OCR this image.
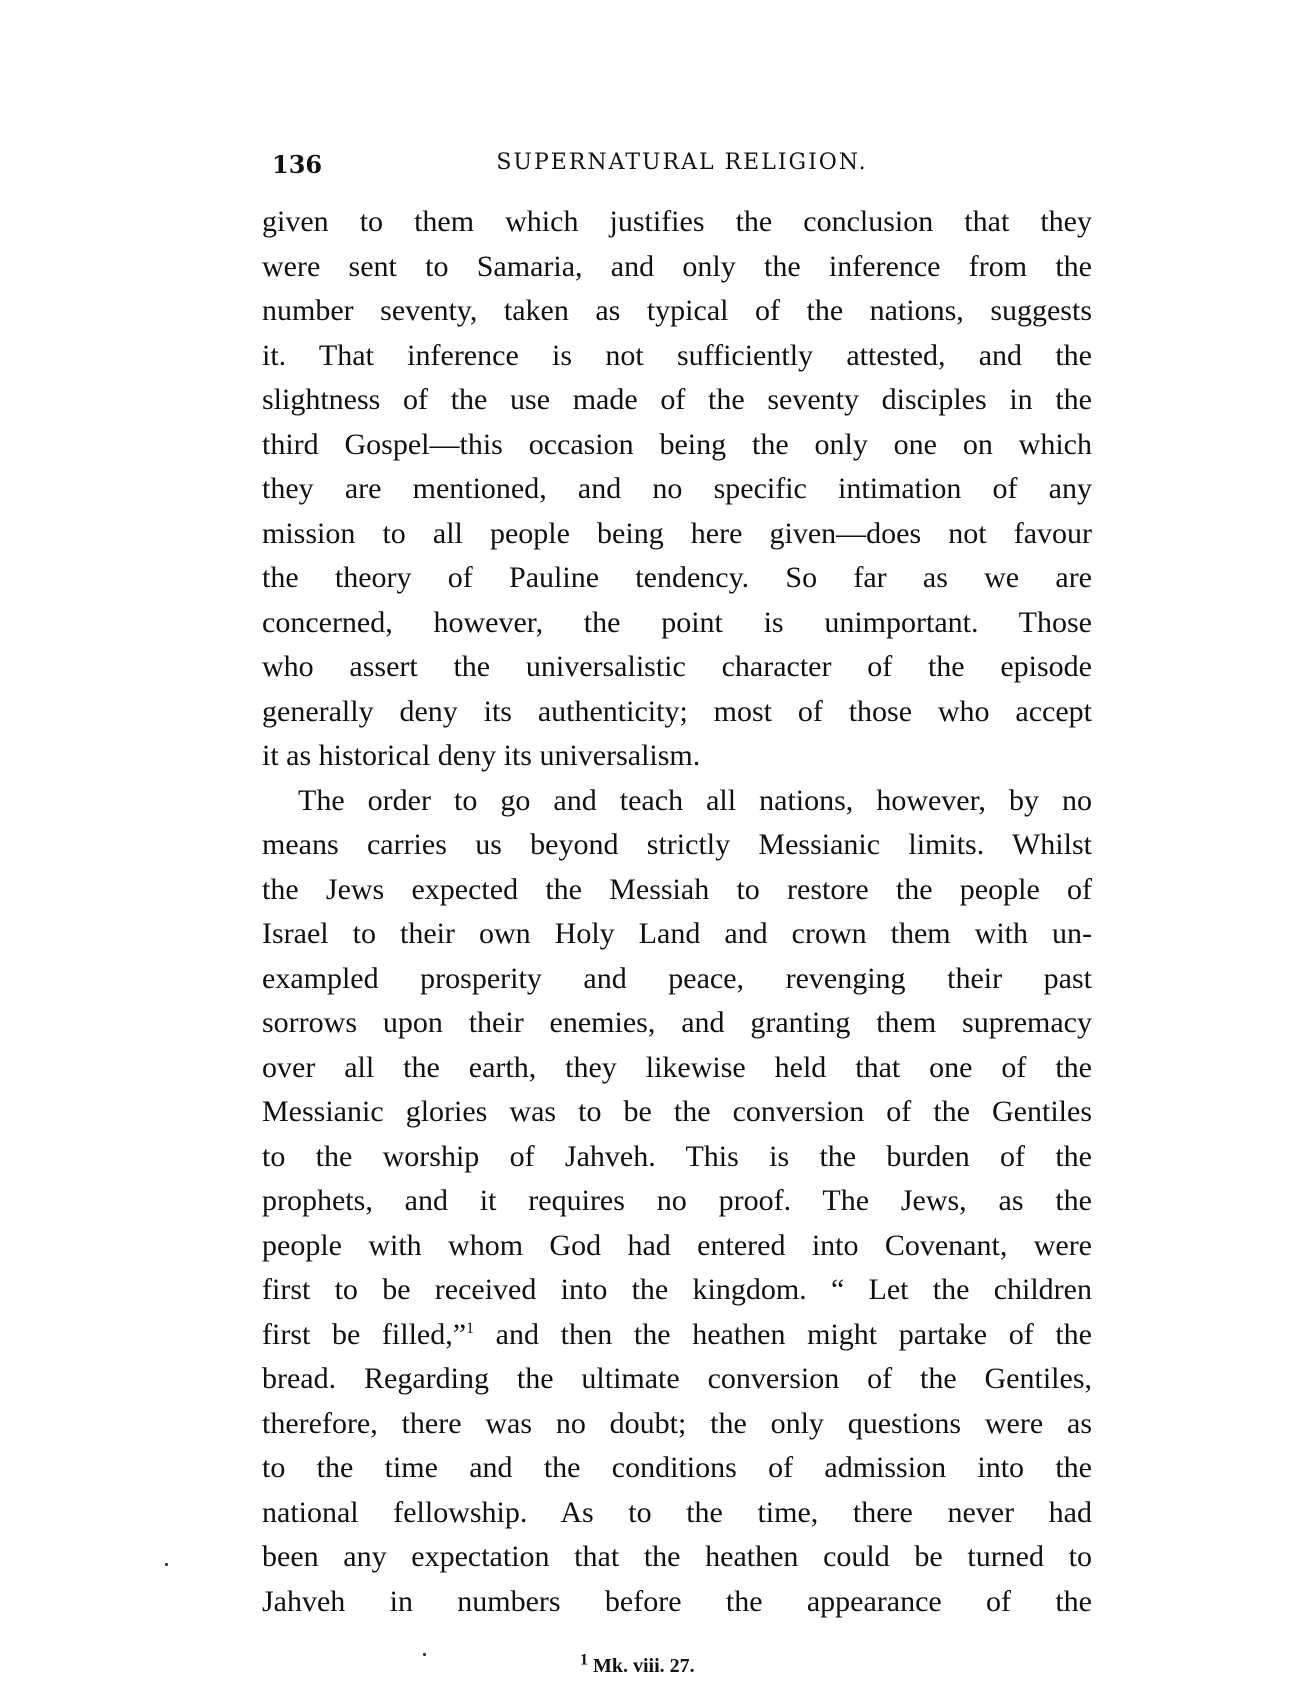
136	SUPERNATURAL RELIGION.
given to them which justifies the conclusion that they
were sent to Samaria, and only the inference from the
number seventy, taken as typical of the nations, suggests
it. That inference is not sufficiently attested, and the
slightness of the use made of the seventy disciples in the
third Gospel—this occasion being the only one on which
they are mentioned, and no specific intimation of any
mission to all people being here given—does not favour
the theory of Pauline tendency. So far as we are
concerned, however, the point is unimportant. Those
who assert the universalistic character of the episode
generally deny its authenticity; most of those who accept
it as historical deny its universalism.
The order to go and teach all nations, however, by no
means carries us beyond strictly Messianic limits. Whilst
the Jews expected the Messiah to restore the people of
Israel to their own Holy Land and crown them with un-
exampled prosperity and peace, revenging their past
sorrows upon their enemies, and granting them supremacy
over all the earth, they likewise held that one of the
Messianic glories was to be the conversion of the Gentiles
to the worship of Jahveh. This is the burden of the
prophets, and it requires no proof. The Jews, as the
people with whom God had entered into Covenant, were
first to be received into the kingdom. “ Let the children
first be filled,”$^1$ and then the heathen might partake of the
bread. Regarding the ultimate conversion of the Gentiles,
therefore, there was no doubt; the only questions were as
to the time and the conditions of admission into the
national fellowship. As to the time, there never had
been any expectation that the heathen could be turned to
Jahveh in numbers before the appearance of the
$^1$ Mk. viii. 27.
